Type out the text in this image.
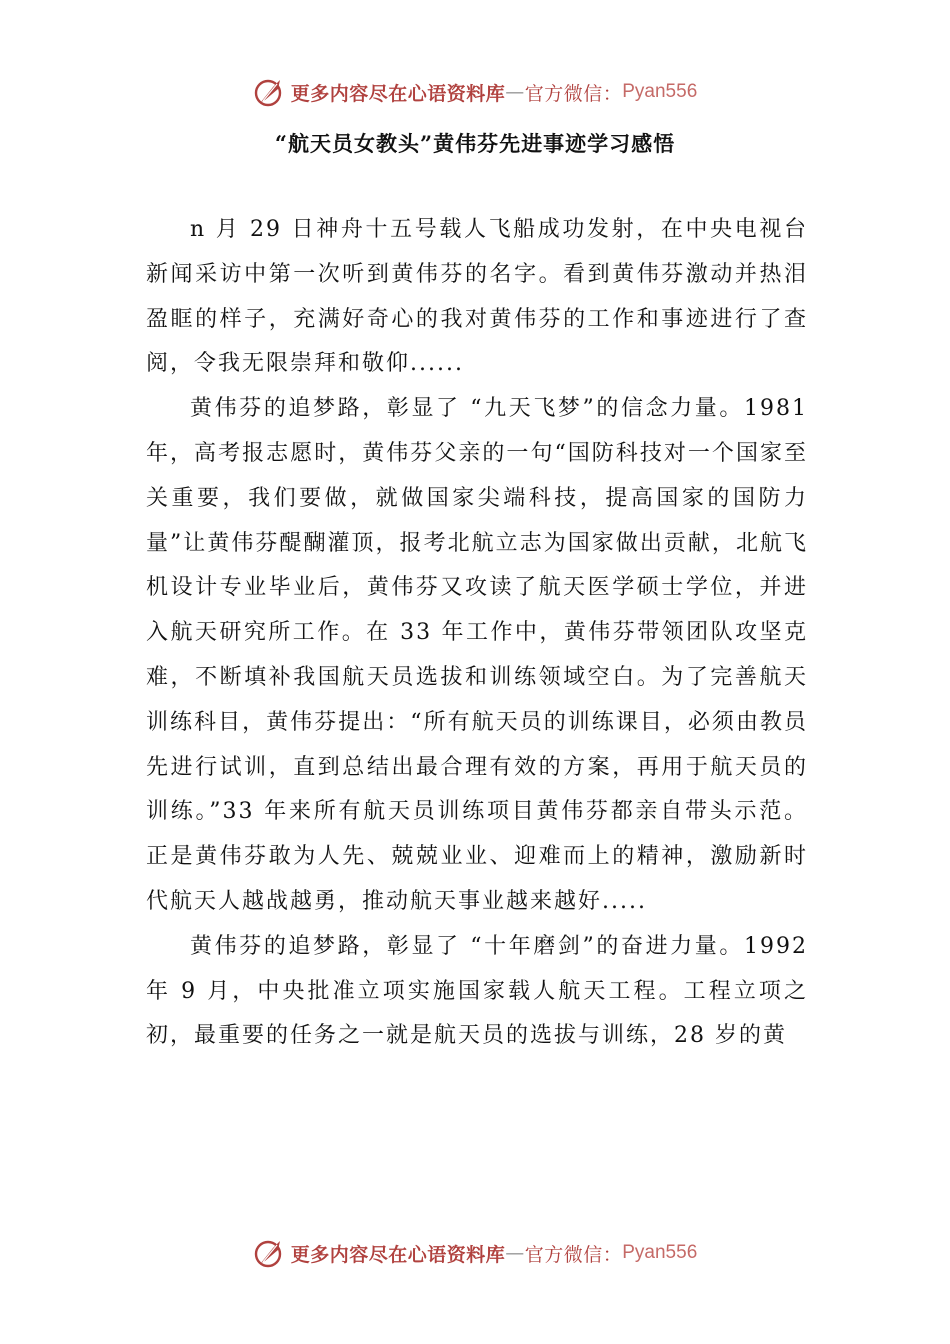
更多内容尽在心语资料库 — 官方微信： Pyan556
“航天员女教头”黄伟芬先进事迹学习感悟

n 月 29 日神舟十五号载人飞船成功发射，在中央电视台新闻采访中第一次听到黄伟芬的名字。看到黄伟芬激动并热泪盈眶的样子，充满好奇心的我对黄伟芬的工作和事迹进行了查阅，令我无限崇拜和敬仰......

黄伟芬的追梦路，彰显了 “九天飞梦”的信念力量。1981 年，高考报志愿时，黄伟芬父亲的一句“国防科技对一个国家至关重要，我们要做，就做国家尖端科技，提高国家的国防力量”让黄伟芬醍醐灌顶，报考北航立志为国家做出贡献，北航飞机设计专业毕业后，黄伟芬又攻读了航天医学硕士学位，并进入航天研究所工作。在 33 年工作中，黄伟芬带领团队攻坚克难，不断填补我国航天员选拔和训练领域空白。为了完善航天训练科目，黄伟芬提出：“所有航天员的训练课目，必须由教员先进行试训，直到总结出最合理有效的方案，再用于航天员的训练。”33 年来所有航天员训练项目黄伟芬都亲自带头示范。正是黄伟芬敢为人先、兢兢业业、迎难而上的精神，激励新时代航天人越战越勇，推动航天事业越来越好.....

黄伟芬的追梦路，彰显了 “十年磨剑”的奋进力量。1992 年 9 月，中央批准立项实施国家载人航天工程。工程立项之初，最重要的任务之一就是航天员的选拔与训练，28 岁的黄

更多内容尽在心语资料库 — 官方微信： Pyan556
